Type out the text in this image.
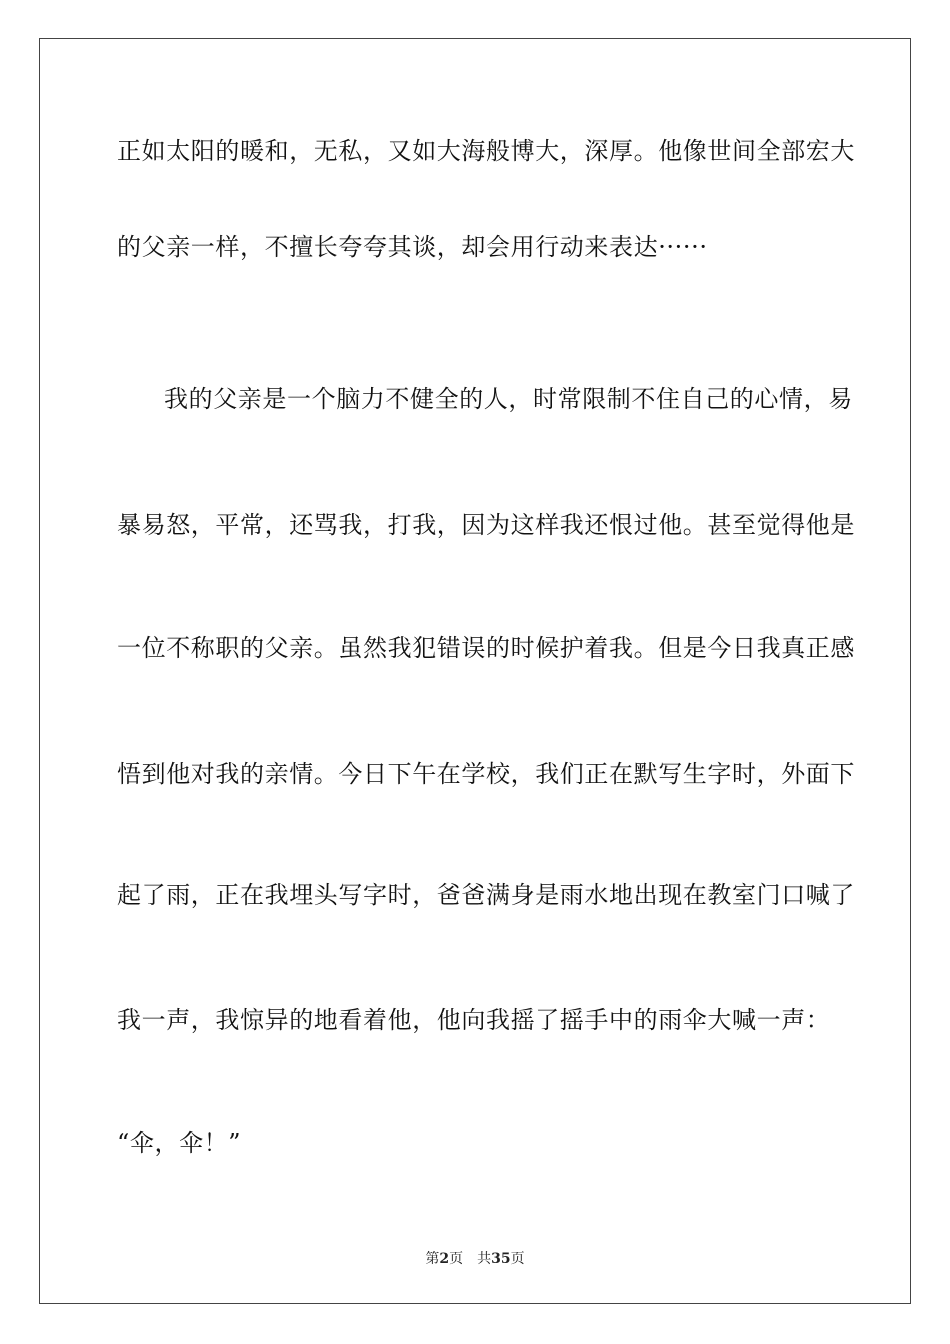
正如太阳的暖和，无私，又如大海般博大，深厚。他像世间全部宏大
的父亲一样，不擅长夸夸其谈，却会用行动来表达······
我的父亲是一个脑力不健全的人，时常限制不住自己的心情，易
暴易怒，平常，还骂我，打我，因为这样我还恨过他。甚至觉得他是
一位不称职的父亲。虽然我犯错误的时候护着我。但是今日我真正感
悟到他对我的亲情。今日下午在学校，我们正在默写生字时，外面下
起了雨，正在我埋头写字时，爸爸满身是雨水地出现在教室门口喊了
我一声，我惊异的地看着他，他向我摇了摇手中的雨伞大喊一声：
“伞，伞！”
第2页 共35页
